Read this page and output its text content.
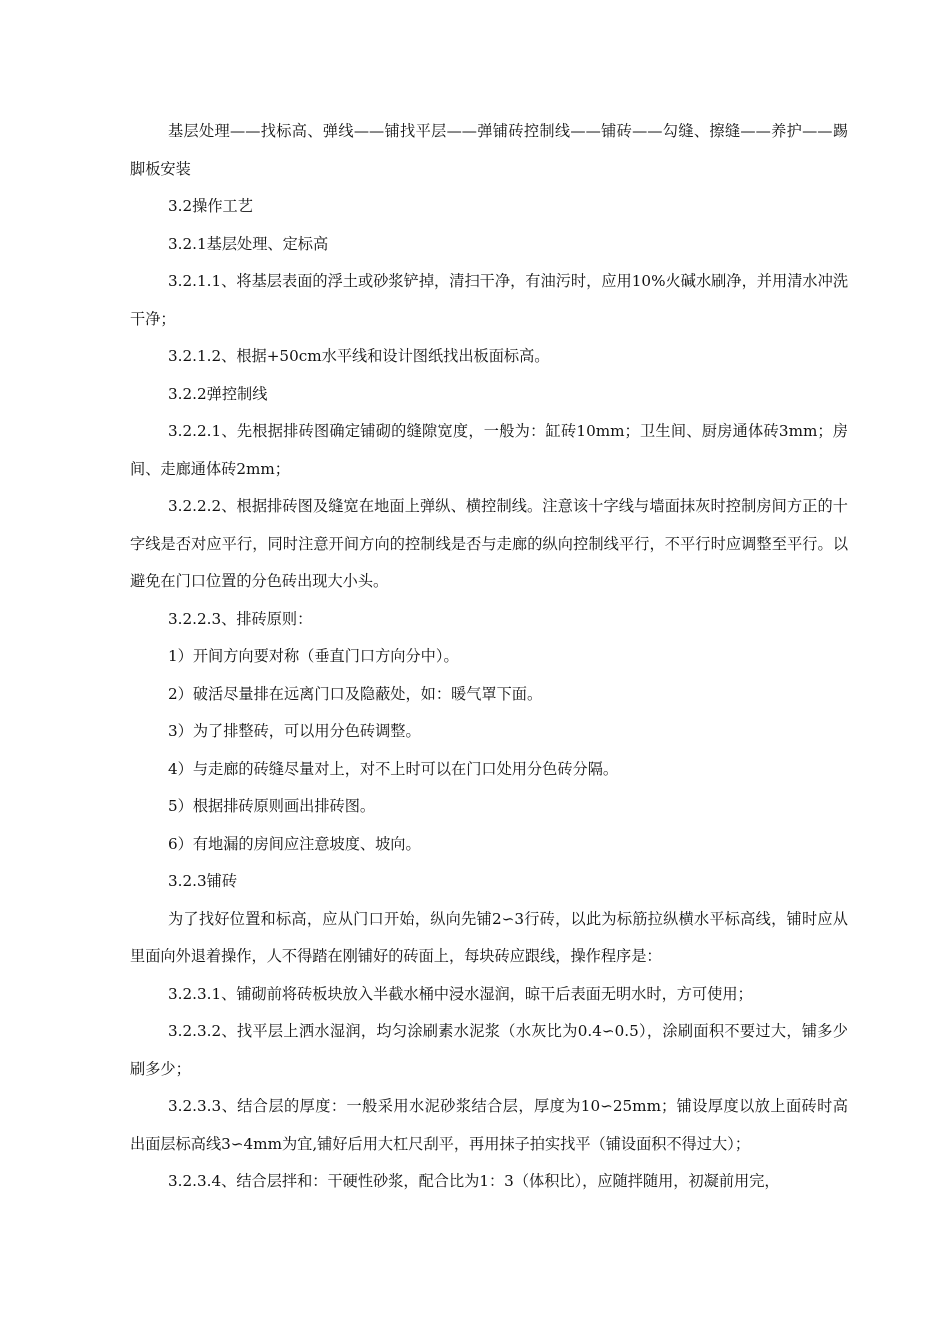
基层处理——找标高、弹线——铺找平层——弹铺砖控制线——铺砖——勾缝、擦缝——养护——踢脚板安装

3.2操作工艺

3.2.1基层处理、定标高

3.2.1.1、将基层表面的浮土或砂浆铲掉，清扫干净，有油污时，应用10%火碱水刷净，并用清水冲洗干净；

3.2.1.2、根据+50cm水平线和设计图纸找出板面标高。

3.2.2弹控制线

3.2.2.1、先根据排砖图确定铺砌的缝隙宽度，一般为：缸砖10mm；卫生间、厨房通体砖3mm；房间、走廊通体砖2mm；

3.2.2.2、根据排砖图及缝宽在地面上弹纵、横控制线。注意该十字线与墙面抹灰时控制房间方正的十字线是否对应平行，同时注意开间方向的控制线是否与走廊的纵向控制线平行，不平行时应调整至平行。以避免在门口位置的分色砖出现大小头。

3.2.2.3、排砖原则：

1）开间方向要对称（垂直门口方向分中）。

2）破活尽量排在远离门口及隐蔽处，如：暖气罩下面。

3）为了排整砖，可以用分色砖调整。

4）与走廊的砖缝尽量对上，对不上时可以在门口处用分色砖分隔。

5）根据排砖原则画出排砖图。

6）有地漏的房间应注意坡度、坡向。

3.2.3铺砖

为了找好位置和标高，应从门口开始，纵向先铺2∽3行砖，以此为标筋拉纵横水平标高线，铺时应从里面向外退着操作，人不得踏在刚铺好的砖面上，每块砖应跟线，操作程序是：

3.2.3.1、铺砌前将砖板块放入半截水桶中浸水湿润，晾干后表面无明水时，方可使用；

3.2.3.2、找平层上洒水湿润，均匀涂刷素水泥浆（水灰比为0.4∽0.5），涂刷面积不要过大，铺多少刷多少；

3.2.3.3、结合层的厚度：一般采用水泥砂浆结合层，厚度为10∽25mm；铺设厚度以放上面砖时高出面层标高线3∽4mm为宜,铺好后用大杠尺刮平，再用抹子拍实找平（铺设面积不得过大）；

3.2.3.4、结合层拌和：干硬性砂浆，配合比为1：3（体积比），应随拌随用，初凝前用完，
